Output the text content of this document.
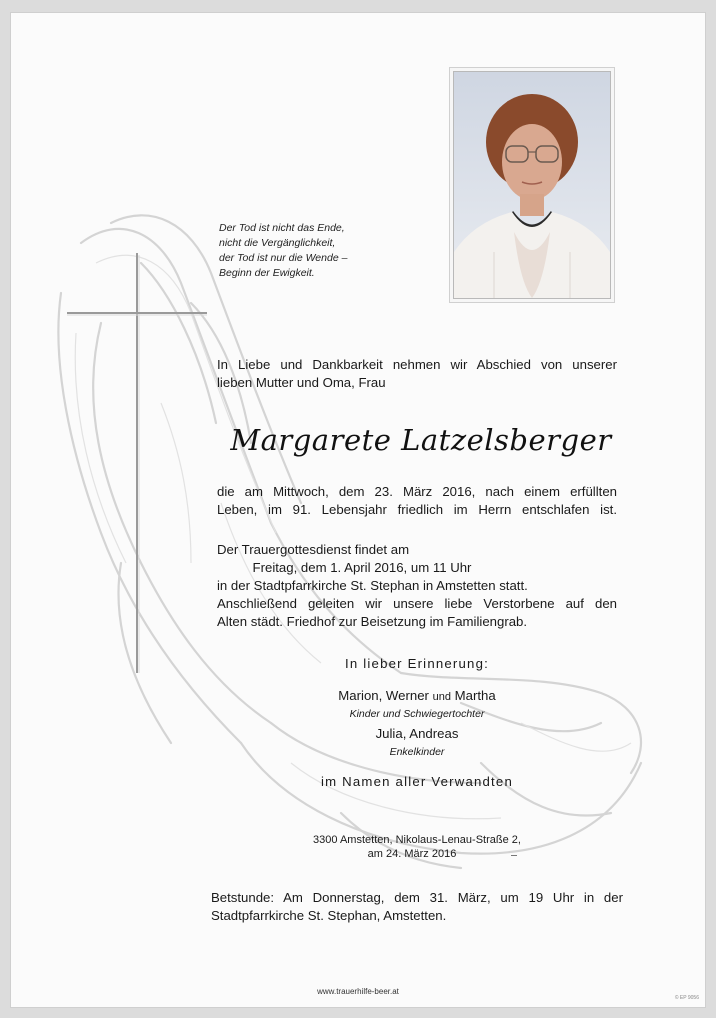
Der Tod ist nicht das Ende,
nicht die Vergänglichkeit,
der Tod ist nur die Wende –
Beginn der Ewigkeit.
In Liebe und Dankbarkeit nehmen wir Abschied von unserer
lieben Mutter und Oma, Frau
Margarete Latzelsberger
die am Mittwoch, dem 23. März 2016, nach einem erfüllten
Leben, im 91. Lebensjahr friedlich im Herrn entschlafen ist.
Der Trauergottesdienst findet am
Freitag, dem 1. April 2016, um 11 Uhr
in der Stadtpfarrkirche St. Stephan in Amstetten statt.
Anschließend geleiten wir unsere liebe Verstorbene auf den
Alten städt. Friedhof zur Beisetzung im Familiengrab.
In lieber Erinnerung:
Marion, Werner und Martha
Kinder und Schwiegertochter
Julia, Andreas
Enkelkinder
im Namen aller Verwandten
3300 Amstetten, Nikolaus-Lenau-Straße 2,
am 24. März 2016
Betstunde: Am Donnerstag, dem 31. März, um 19 Uhr in der
Stadtpfarrkirche St. Stephan, Amstetten.
www.trauerhilfe-beer.at
© EP 9056
